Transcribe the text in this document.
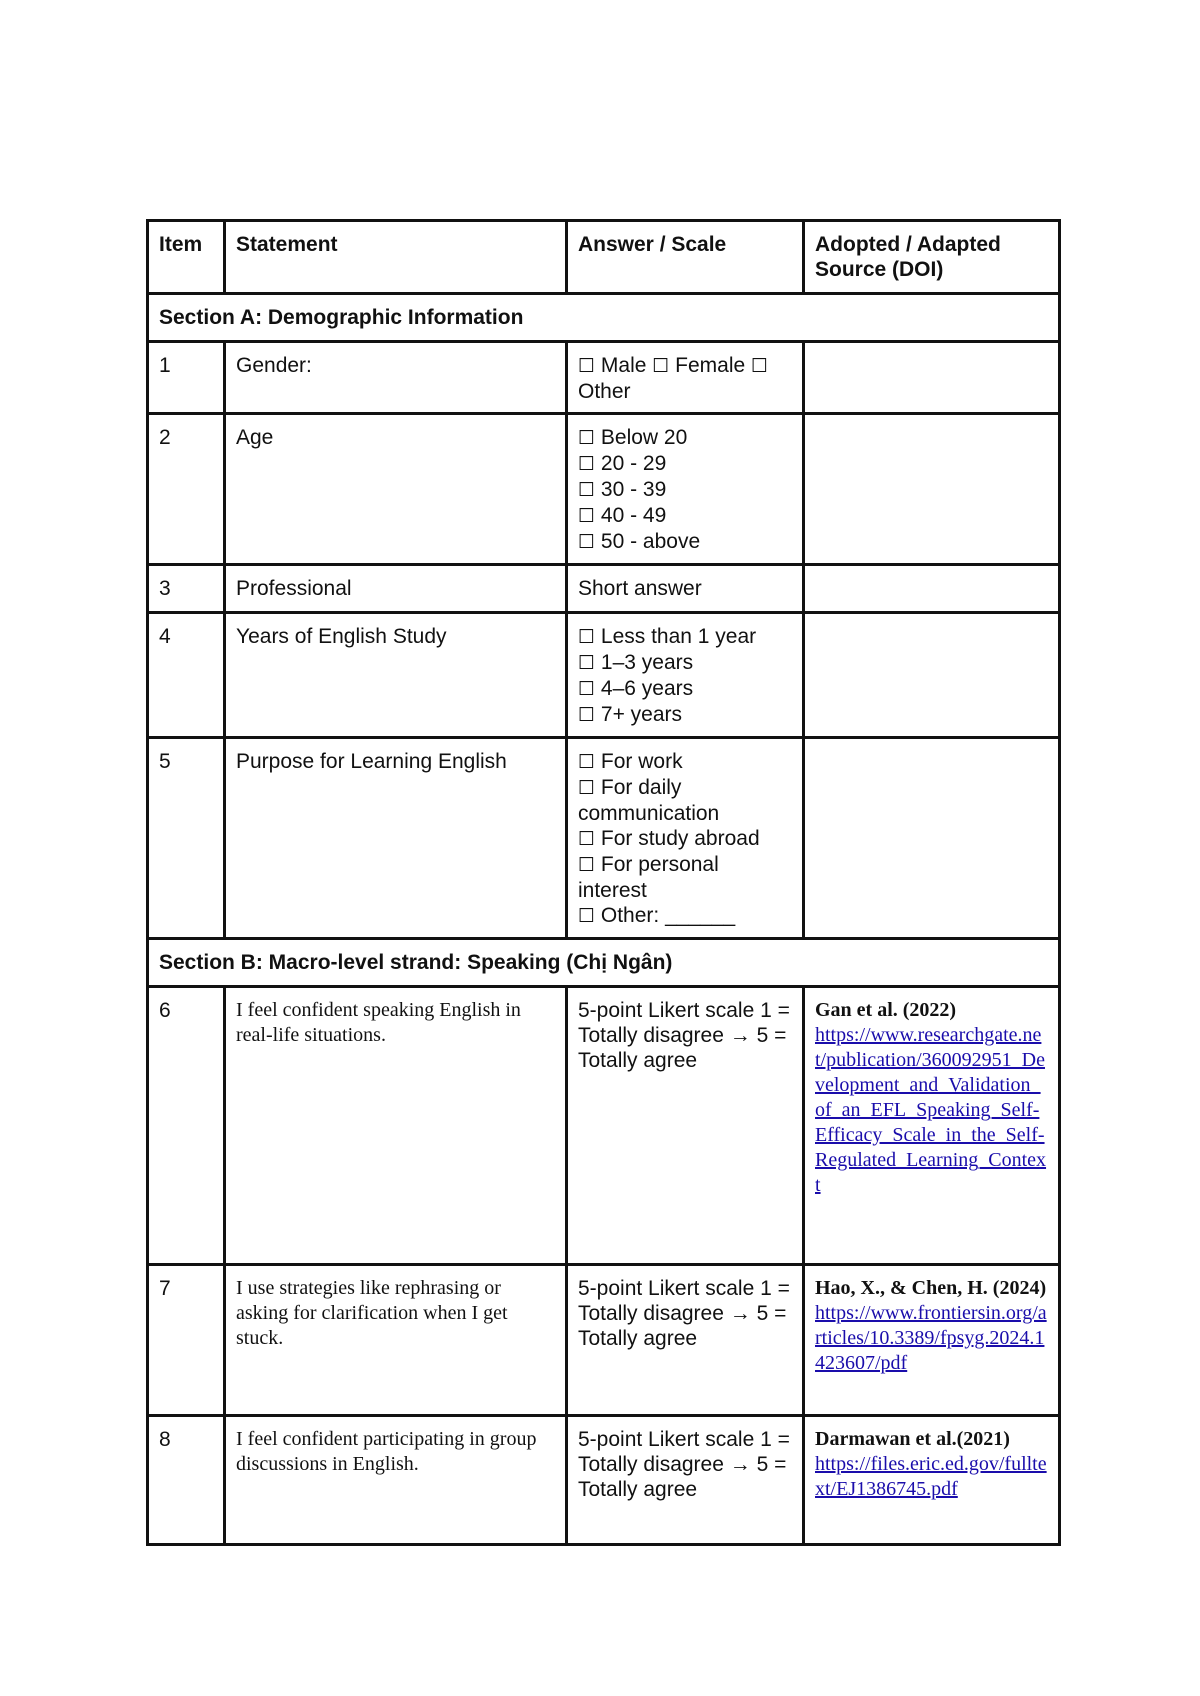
Item	Statement	Answer / Scale	Adopted / Adapted Source (DOI)
Section A: Demographic Information			
1	Gender:	☐ Male ☐ Female ☐ Other	
2	Age	☐ Below 20
☐ 20 - 29
☐ 30 - 39
☐ 40 - 49
☐ 50 - above	

3	Professional	Short answer	
4	Years of English Study	☐ Less than 1 year
☐ 1–3 years
☐ 4–6 years
☐ 7+ years	

5	Purpose for Learning English	☐ For work
☐ For daily communication
☐ For study abroad
☐ For personal interest
☐ Other: ______	

Section B: Macro-level strand: Speaking (Chị Ngân)			
6	I feel confident speaking English in real-life situations.	5-point Likert scale 1 = Totally disagree → 5 = Totally agree	Gan et al. (2022)
https://www.researchgate.net/publication/360092951_Development_and_Validation_of_an_EFL_Speaking_Self-Efficacy_Scale_in_the_Self-Regulated_Learning_Context

7	I use strategies like rephrasing or asking for clarification when I get stuck.	5-point Likert scale 1 = Totally disagree → 5 = Totally agree	Hao, X., & Chen, H. (2024)
https://www.frontiersin.org/articles/10.3389/fpsyg.2024.1423607/pdf

8	I feel confident participating in group discussions in English.	5-point Likert scale 1 = Totally disagree → 5 = Totally agree	Darmawan et al.(2021)
https://files.eric.ed.gov/fulltext/EJ1386745.pdf
